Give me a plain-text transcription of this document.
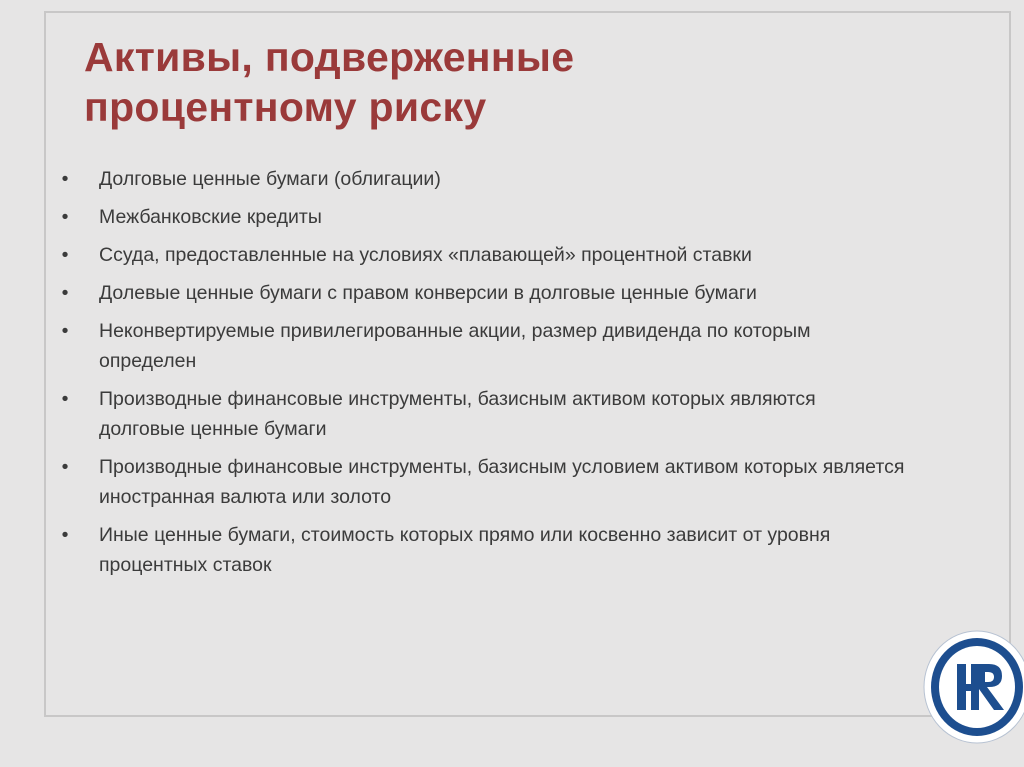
Активы, подверженные
процентному риску
• Долговые ценные бумаги (облигации)
• Межбанковские кредиты
• Ссуда, предоставленные на условиях «плавающей» процентной ставки
• Долевые ценные бумаги с правом конверсии в долговые ценные бумаги
• Неконвертируемые привилегированные акции, размер дивиденда по которым
определен
• Производные финансовые инструменты, базисным активом которых являются
долговые ценные бумаги
• Производные финансовые инструменты, базисным условием активом которых является
иностранная валюта или золото
• Иные ценные бумаги, стоимость которых прямо или косвенно зависит от уровня
процентных ставок
